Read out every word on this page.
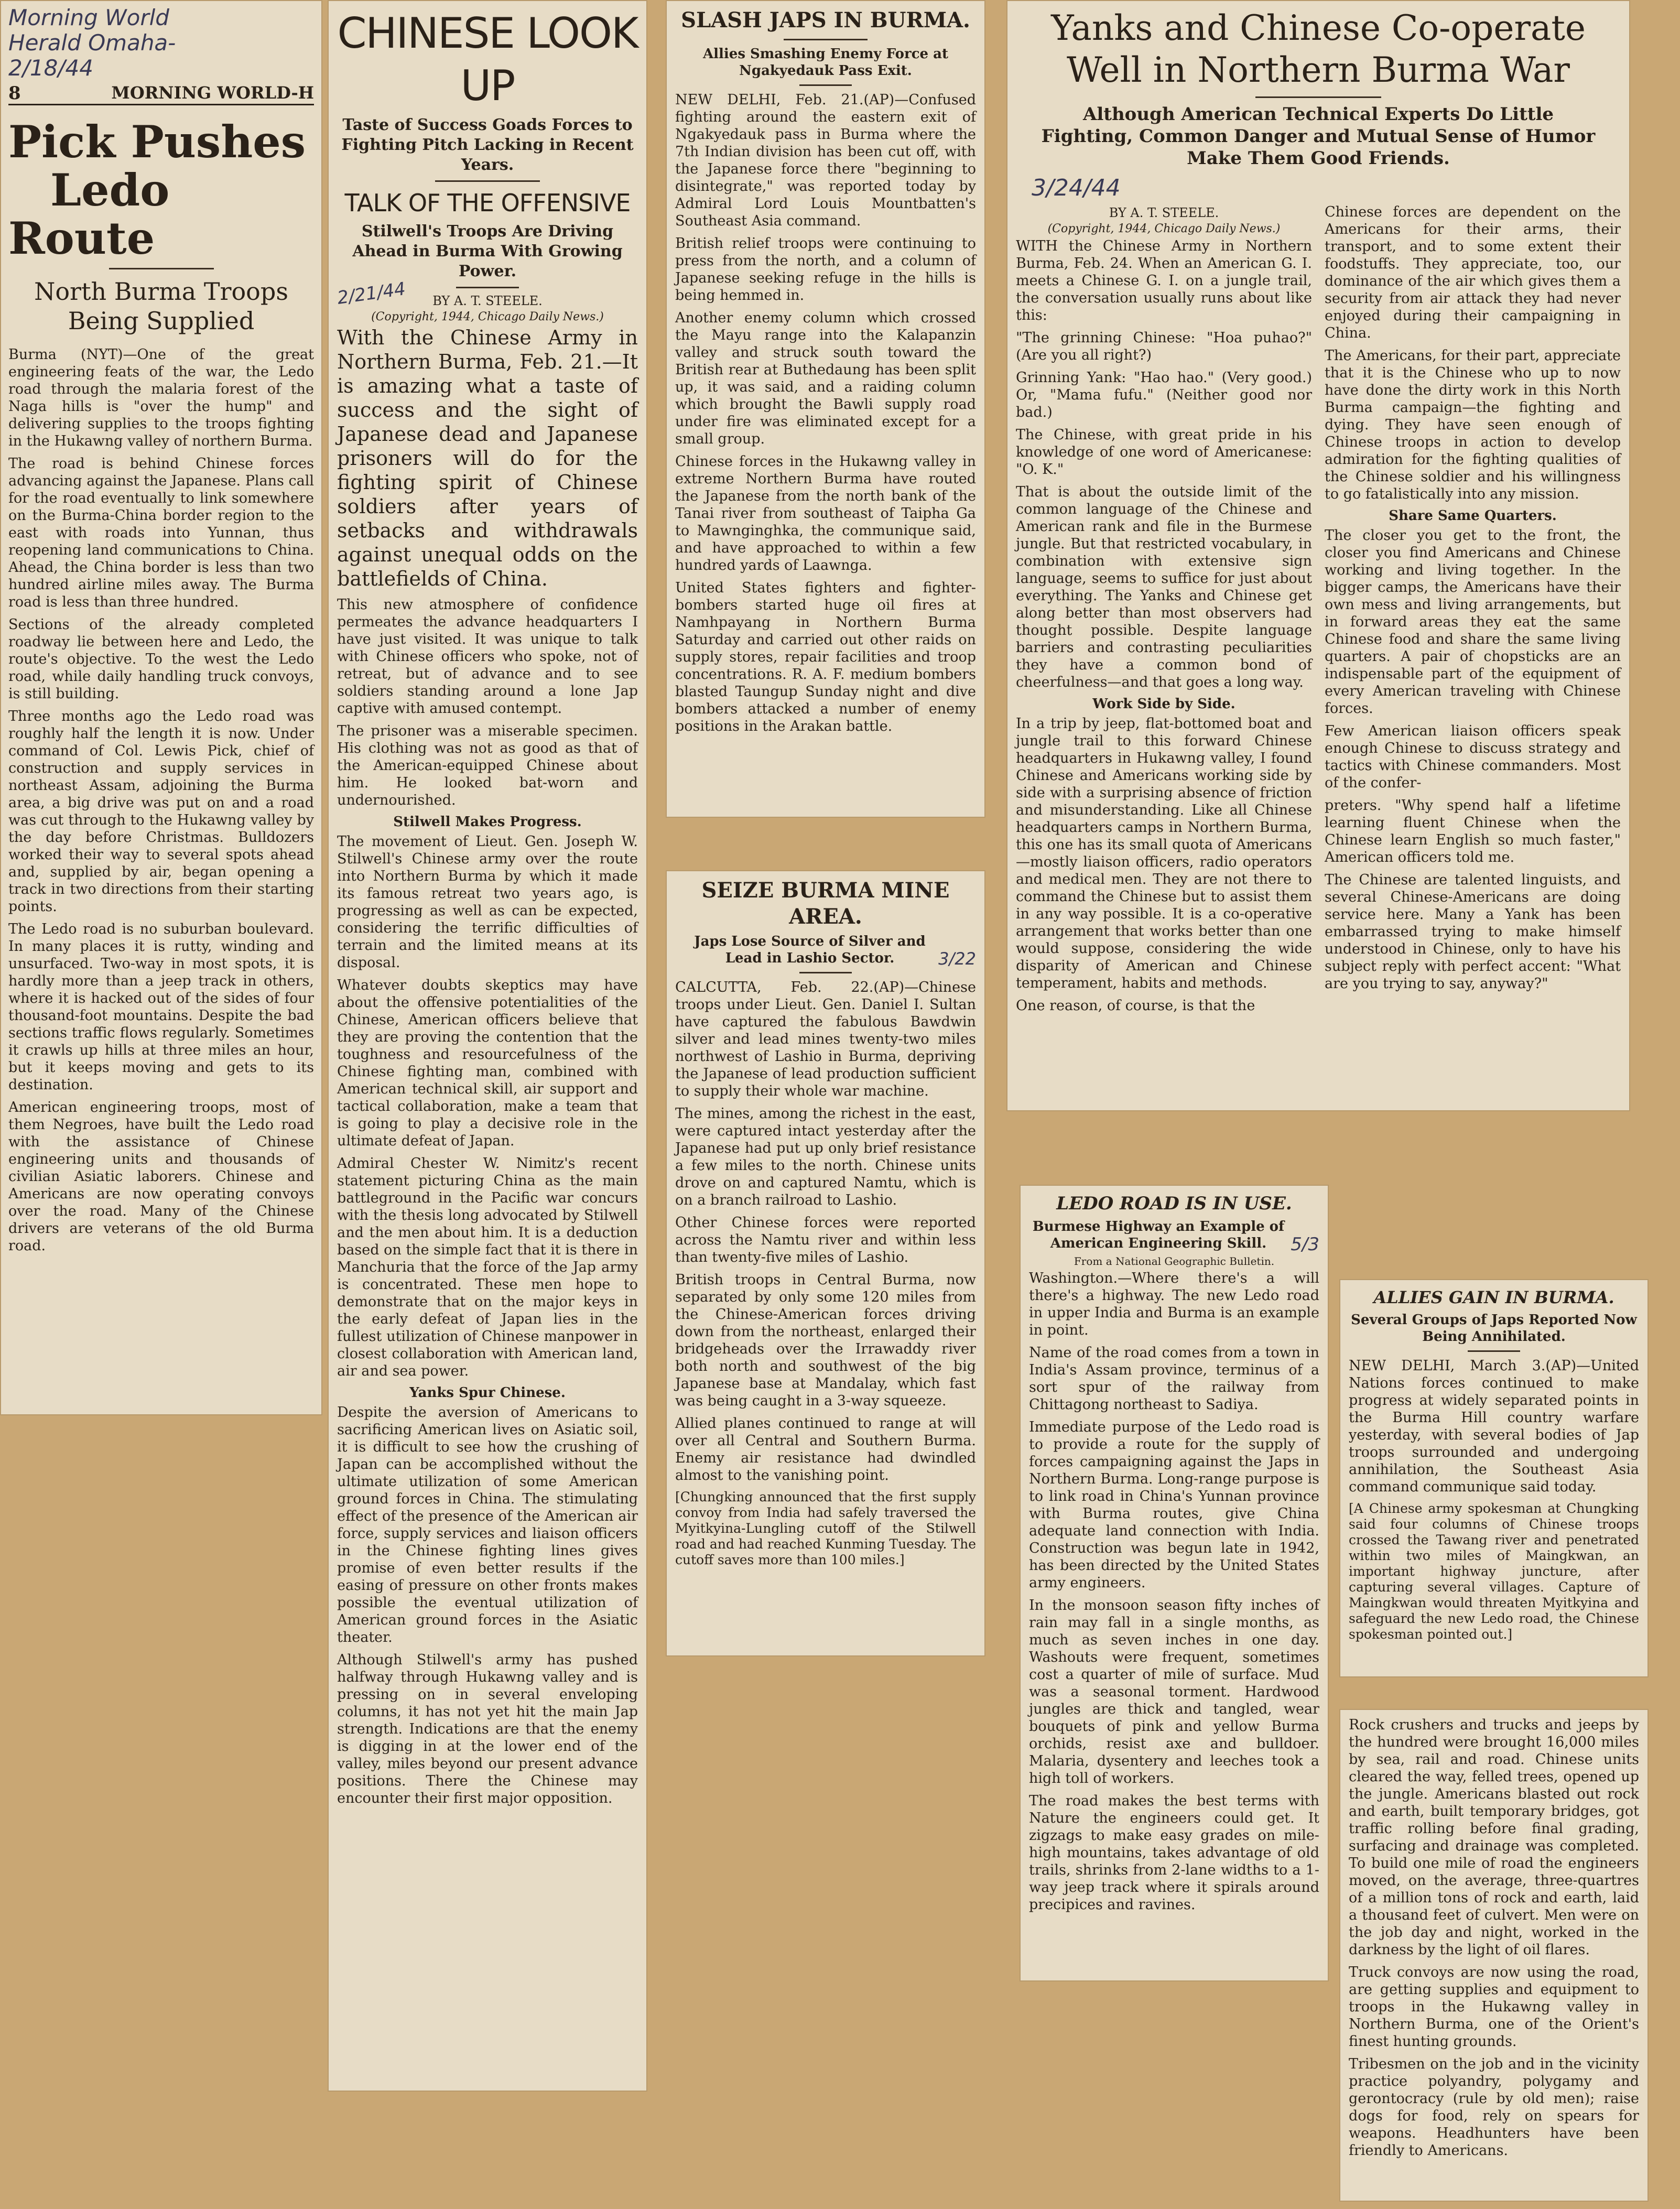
Morning World Herald Omaha-2/18/44
8	MORNING WORLD-H
Pick Pushes
Ledo Route
North Burma Troops Being Supplied

Burma (NYT)—One of the great engineering feats of the war, the Ledo road through the malaria forest of the Naga hills is "over the hump" and delivering supplies to the troops fighting in the Hukawng valley of northern Burma.

The road is behind Chinese forces advancing against the Japanese. Plans call for the road eventually to link somewhere on the Burma-China border region to the east with roads into Yunnan, thus reopening land communications to China. Ahead, the China border is less than two hundred airline miles away. The Burma road is less than three hundred.

Sections of the already completed roadway lie between here and Ledo, the route's objective. To the west the Ledo road, while daily handling truck convoys, is still building.

Three months ago the Ledo road was roughly half the length it is now. Under command of Col. Lewis Pick, chief of construction and supply services in northeast Assam, adjoining the Burma area, a big drive was put on and a road was cut through to the Hukawng valley by the day before Christmas. Bulldozers worked their way to several spots ahead and, supplied by air, began opening a track in two directions from their starting points.

The Ledo road is no suburban boulevard. In many places it is rutty, winding and unsurfaced. Two-way in most spots, it is hardly more than a jeep track in others, where it is hacked out of the sides of four thousand-foot mountains. Despite the bad sections traffic flows regularly. Sometimes it crawls up hills at three miles an hour, but it keeps moving and gets to its destination.

American engineering troops, most of them Negroes, have built the Ledo road with the assistance of Chinese engineering units and thousands of civilian Asiatic laborers. Chinese and Americans are now operating convoys over the road. Many of the Chinese drivers are veterans of the old Burma road.

CHINESE LOOK UP
Taste of Success Goads Forces to Fighting Pitch Lacking in Recent Years.
TALK OF THE OFFENSIVE
Stilwell's Troops Are Driving Ahead in Burma With Growing Power.
2/21/44	BY A. T. STEELE.
(Copyright, 1944, Chicago Daily News.)

With the Chinese Army in Northern Burma, Feb. 21.—It is amazing what a taste of success and the sight of Japanese dead and Japanese prisoners will do for the fighting spirit of Chinese soldiers after years of setbacks and withdrawals against unequal odds on the battlefields of China.

This new atmosphere of confidence permeates the advance headquarters I have just visited. It was unique to talk with Chinese officers who spoke, not of retreat, but of advance and to see soldiers standing around a lone Jap captive with amused contempt.

The prisoner was a miserable specimen. His clothing was not as good as that of the American-equipped Chinese about him. He looked bat-worn and undernourished.

Stilwell Makes Progress.

The movement of Lieut. Gen. Joseph W. Stilwell's Chinese army over the route into Northern Burma by which it made its famous retreat two years ago, is progressing as well as can be expected, considering the terrific difficulties of terrain and the limited means at its disposal.

Whatever doubts skeptics may have about the offensive potentialities of the Chinese, American officers believe that they are proving the contention that the toughness and resourcefulness of the Chinese fighting man, combined with American technical skill, air support and tactical collaboration, make a team that is going to play a decisive role in the ultimate defeat of Japan.

Admiral Chester W. Nimitz's recent statement picturing China as the main battleground in the Pacific war concurs with the thesis long advocated by Stilwell and the men about him. It is a deduction based on the simple fact that it is there in Manchuria that the force of the Jap army is concentrated. These men hope to demonstrate that on the major keys in the early defeat of Japan lies in the fullest utilization of Chinese manpower in closest collaboration with American land, air and sea power.

Yanks Spur Chinese.

Despite the aversion of Americans to sacrificing American lives on Asiatic soil, it is difficult to see how the crushing of Japan can be accomplished without the ultimate utilization of some American ground forces in China. The stimulating effect of the presence of the American air force, supply services and liaison officers in the Chinese fighting lines gives promise of even better results if the easing of pressure on other fronts makes possible the eventual utilization of American ground forces in the Asiatic theater.

Although Stilwell's army has pushed halfway through Hukawng valley and is pressing on in several enveloping columns, it has not yet hit the main Jap strength. Indications are that the enemy is digging in at the lower end of the valley, miles beyond our present advance positions. There the Chinese may encounter their first major opposition.

SLASH JAPS IN BURMA.
Allies Smashing Enemy Force at Ngakyedauk Pass Exit.

NEW DELHI, Feb. 21.(AP)—Confused fighting around the eastern exit of Ngakyedauk pass in Burma where the 7th Indian division has been cut off, with the Japanese force there "beginning to disintegrate," was reported today by Admiral Lord Louis Mountbatten's Southeast Asia command.

British relief troops were continuing to press from the north, and a column of Japanese seeking refuge in the hills is being hemmed in.

Another enemy column which crossed the Mayu range into the Kalapanzin valley and struck south toward the British rear at Buthedaung has been split up, it was said, and a raiding column which brought the Bawli supply road under fire was eliminated except for a small group.

Chinese forces in the Hukawng valley in extreme Northern Burma have routed the Japanese from the north bank of the Tanai river from southeast of Taipha Ga to Mawnginghka, the communique said, and have approached to within a few hundred yards of Laawnga.

United States fighters and fighter-bombers started huge oil fires at Namhpayang in Northern Burma Saturday and carried out other raids on supply stores, repair facilities and troop concentrations. R. A. F. medium bombers blasted Taungup Sunday night and dive bombers attacked a number of enemy positions in the Arakan battle.

Yanks and Chinese Co-operate Well in Northern Burma War
Although American Technical Experts Do Little Fighting, Common Danger and Mutual Sense of Humor Make Them Good Friends.
3/24/44
BY A. T. STEELE.
(Copyright, 1944, Chicago Daily News.)

WITH the Chinese Army in Northern Burma, Feb. 24. When an American G. I. meets a Chinese G. I. on a jungle trail, the conversation usually runs about like this:

"The grinning Chinese: "Hoa puhao?" (Are you all right?)

Grinning Yank: "Hao hao." (Very good.) Or, "Mama fufu." (Neither good nor bad.)

The Chinese, with great pride in his knowledge of one word of Americanese: "O. K."

That is about the outside limit of the common language of the Chinese and American rank and file in the Burmese jungle. But that restricted vocabulary, in combination with extensive sign language, seems to suffice for just about everything. The Yanks and Chinese get along better than most observers had thought possible. Despite language barriers and contrasting peculiarities they have a common bond of cheerfulness—and that goes a long way.

Work Side by Side.

In a trip by jeep, flat-bottomed boat and jungle trail to this forward Chinese headquarters in Hukawng valley, I found Chinese and Americans working side by side with a surprising absence of friction and misunderstanding. Like all Chinese headquarters camps in Northern Burma, this one has its small quota of Americans—mostly liaison officers, radio operators and medical men. They are not there to command the Chinese but to assist them in any way possible. It is a co-operative arrangement that works better than one would suppose, considering the wide disparity of American and Chinese temperament, habits and methods.

One reason, of course, is that the

Chinese forces are dependent on the Americans for their arms, their transport, and to some extent their foodstuffs. They appreciate, too, our dominance of the air which gives them a security from air attack they had never enjoyed during their campaigning in China.

The Americans, for their part, appreciate that it is the Chinese who up to now have done the dirty work in this North Burma campaign—the fighting and dying. They have seen enough of Chinese troops in action to develop admiration for the fighting qualities of the Chinese soldier and his willingness to go fatalistically into any mission.

Share Same Quarters.

The closer you get to the front, the closer you find Americans and Chinese working and living together. In the bigger camps, the Americans have their own mess and living arrangements, but in forward areas they eat the same Chinese food and share the same living quarters. A pair of chopsticks are an indispensable part of the equipment of every American traveling with Chinese forces.

Few American liaison officers speak enough Chinese to discuss strategy and tactics with Chinese commanders. Most of the confer-

preters. "Why spend half a lifetime learning fluent Chinese when the Chinese learn English so much faster," American officers told me.

The Chinese are talented linguists, and several Chinese-Americans are doing service here. Many a Yank has been embarrassed trying to make himself understood in Chinese, only to have his subject reply with perfect accent: "What are you trying to say, anyway?"

SEIZE BURMA MINE AREA.
Japs Lose Source of Silver and Lead in Lashio Sector.	3/22

CALCUTTA, Feb. 22.(AP)—Chinese troops under Lieut. Gen. Daniel I. Sultan have captured the fabulous Bawdwin silver and lead mines twenty-two miles northwest of Lashio in Burma, depriving the Japanese of lead production sufficient to supply their whole war machine.

The mines, among the richest in the east, were captured intact yesterday after the Japanese had put up only brief resistance a few miles to the north. Chinese units drove on and captured Namtu, which is on a branch railroad to Lashio.

Other Chinese forces were reported across the Namtu river and within less than twenty-five miles of Lashio.

British troops in Central Burma, now separated by only some 120 miles from the Chinese-American forces driving down from the northeast, enlarged their bridgeheads over the Irrawaddy river both north and southwest of the big Japanese base at Mandalay, which fast was being caught in a 3-way squeeze.

Allied planes continued to range at will over all Central and Southern Burma. Enemy air resistance had dwindled almost to the vanishing point.

[Chungking announced that the first supply convoy from India had safely traversed the Myitkyina-Lungling cutoff of the Stilwell road and had reached Kunming Tuesday. The cutoff saves more than 100 miles.]

LEDO ROAD IS IN USE.
Burmese Highway an Example of American Engineering Skill.	5/3
From a National Geographic Bulletin.

Washington.—Where there's a will there's a highway. The new Ledo road in upper India and Burma is an example in point.

Name of the road comes from a town in India's Assam province, terminus of a sort spur of the railway from Chittagong northeast to Sadiya.

Immediate purpose of the Ledo road is to provide a route for the supply of forces campaigning against the Japs in Northern Burma. Long-range purpose is to link road in China's Yunnan province with Burma routes, give China adequate land connection with India. Construction was begun late in 1942, has been directed by the United States army engineers.

In the monsoon season fifty inches of rain may fall in a single months, as much as seven inches in one day. Washouts were frequent, sometimes cost a quarter of mile of surface. Mud was a seasonal torment. Hardwood jungles are thick and tangled, wear bouquets of pink and yellow Burma orchids, resist axe and bulldoer. Malaria, dysentery and leeches took a high toll of workers.

The road makes the best terms with Nature the engineers could get. It zigzags to make easy grades on mile-high mountains, takes advantage of old trails, shrinks from 2-lane widths to a 1-way jeep track where it spirals around precipices and ravines.

ALLIES GAIN IN BURMA.
Several Groups of Japs Reported Now Being Annihilated.

NEW DELHI, March 3.(AP)—United Nations forces continued to make progress at widely separated points in the Burma Hill country warfare yesterday, with several bodies of Jap troops surrounded and undergoing annihilation, the Southeast Asia command communique said today.

[A Chinese army spokesman at Chungking said four columns of Chinese troops crossed the Tawang river and penetrated within two miles of Maingkwan, an important highway juncture, after capturing several villages. Capture of Maingkwan would threaten Myitkyina and safeguard the new Ledo road, the Chinese spokesman pointed out.]

Rock crushers and trucks and jeeps by the hundred were brought 16,000 miles by sea, rail and road. Chinese units cleared the way, felled trees, opened up the jungle. Americans blasted out rock and earth, built temporary bridges, got traffic rolling before final grading, surfacing and drainage was completed. To build one mile of road the engineers moved, on the average, three-quartres of a million tons of rock and earth, laid a thousand feet of culvert. Men were on the job day and night, worked in the darkness by the light of oil flares.

Truck convoys are now using the road, are getting supplies and equipment to troops in the Hukawng valley in Northern Burma, one of the Orient's finest hunting grounds.

Tribesmen on the job and in the vicinity practice polyandry, polygamy and gerontocracy (rule by old men); raise dogs for food, rely on spears for weapons. Headhunters have been friendly to Americans.
